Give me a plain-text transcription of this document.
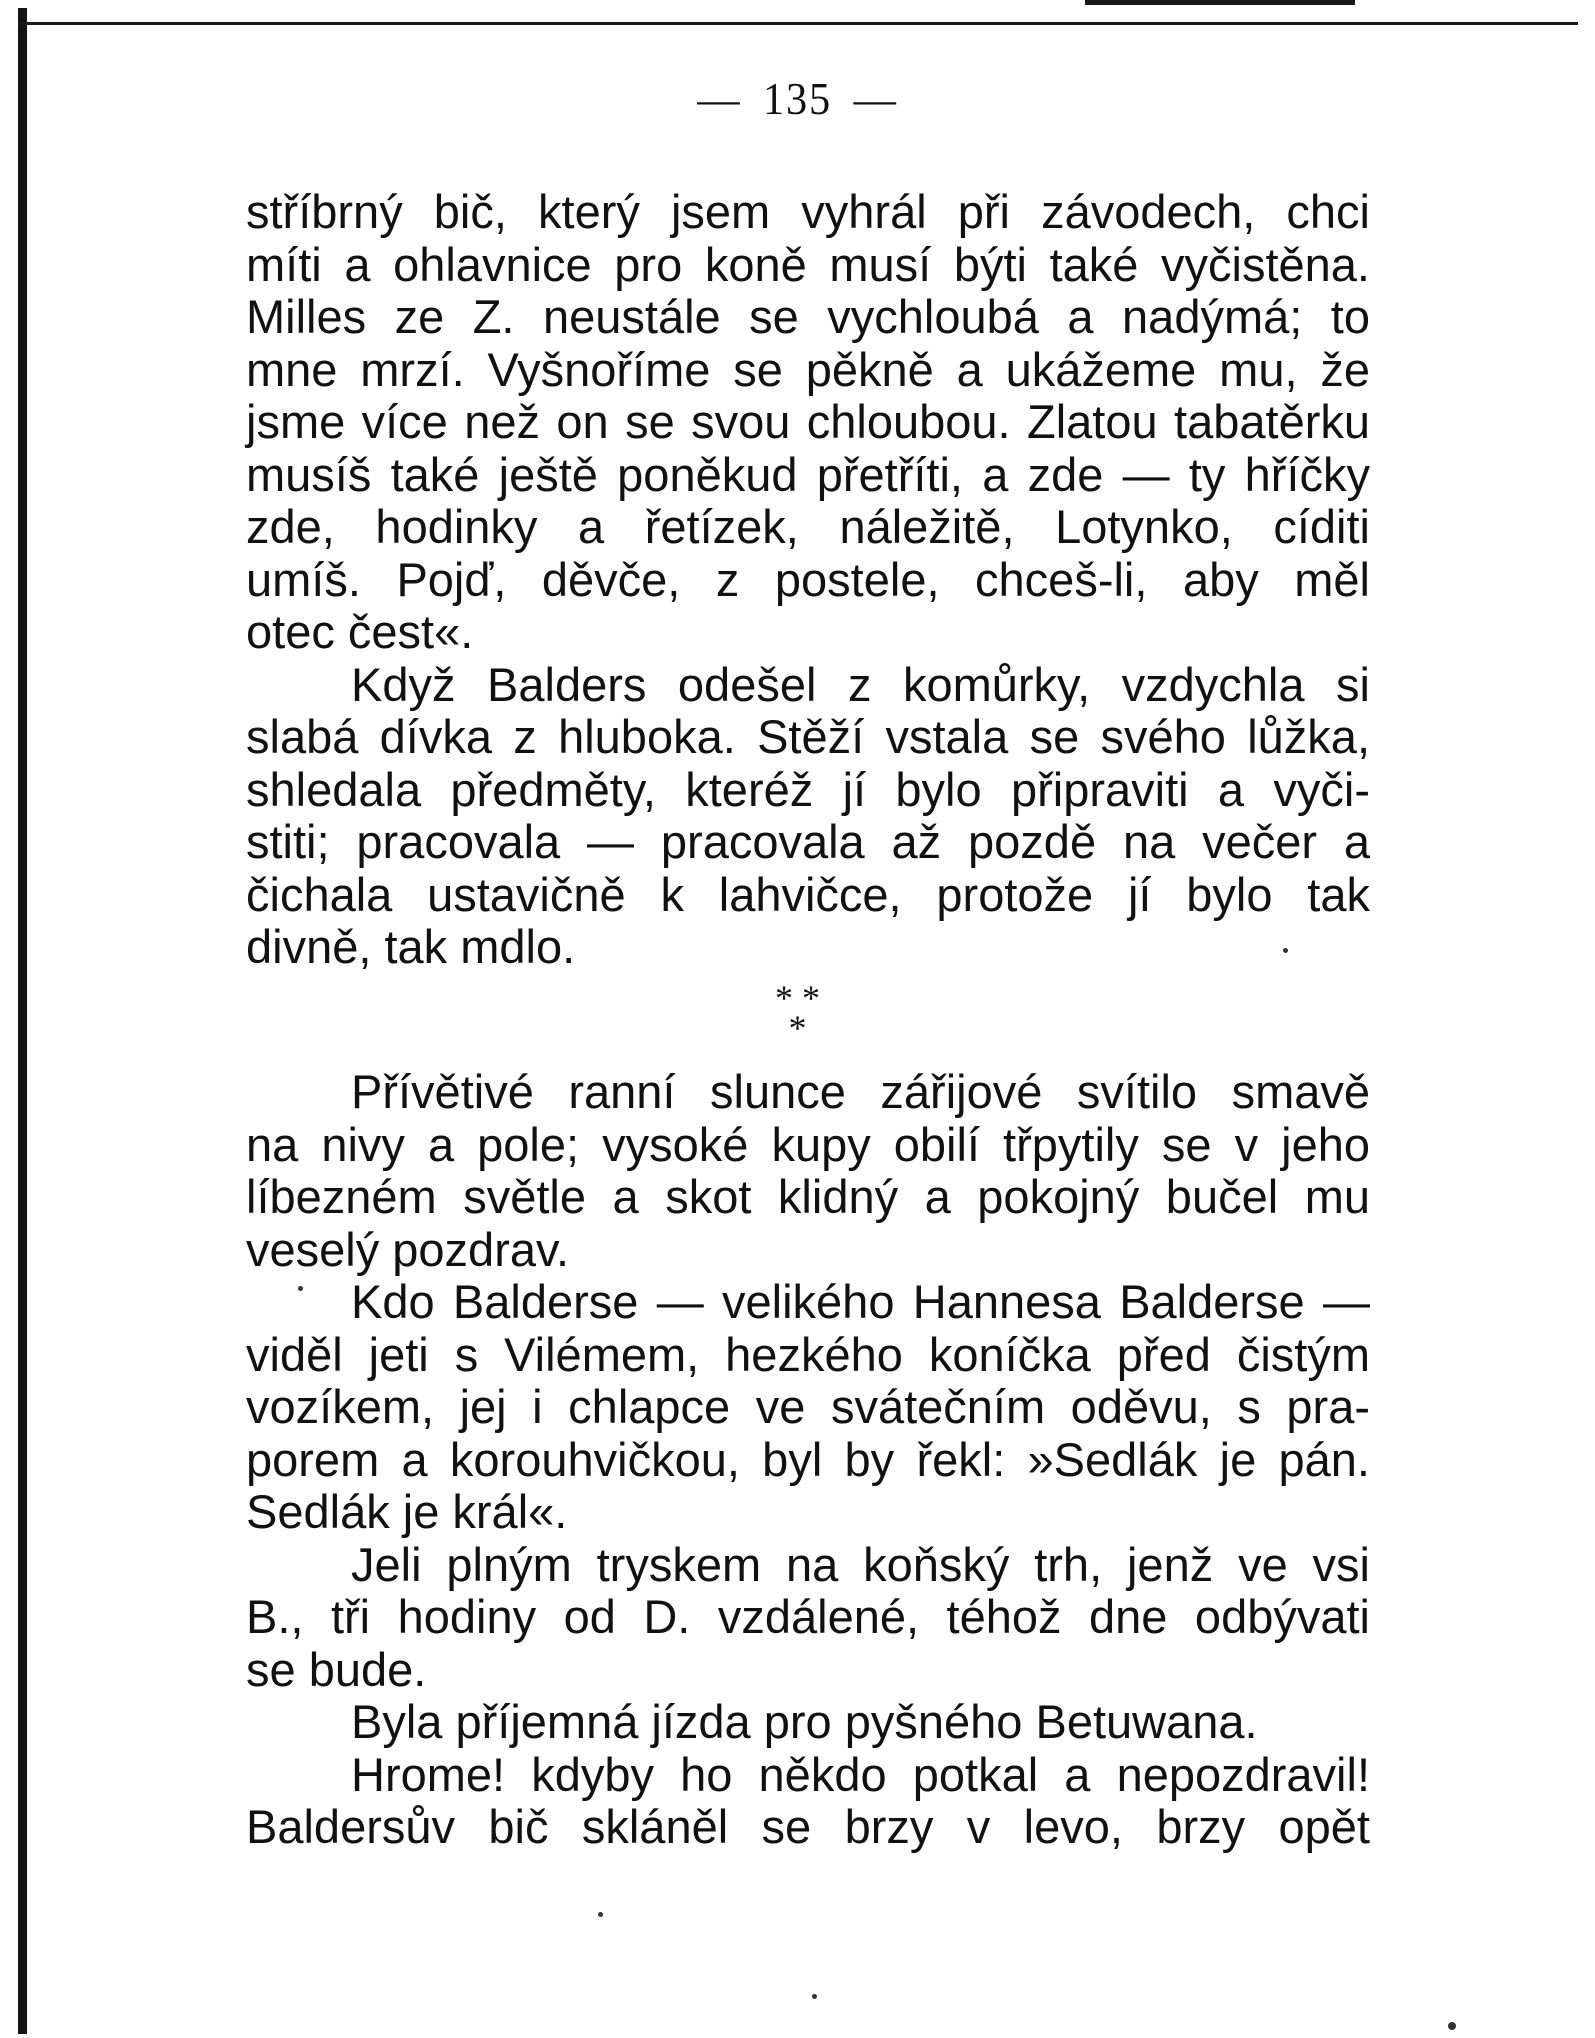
— 135 —
stříbrný bič, který jsem vyhrál při závodech, chci
míti a ohlavnice pro koně musí býti také vyčistěna.
Milles ze Z. neustále se vychloubá a nadýmá; to
mne mrzí. Vyšnoříme se pěkně a ukážeme mu, že
jsme více než on se svou chloubou. Zlatou tabatěrku
musíš také ještě poněkud přetříti, a zde — ty hříčky
zde, hodinky a řetízek, náležitě, Lotynko, cíditi
umíš. Pojď, děvče, z postele, chceš-li, aby měl
otec čest«.
Když Balders odešel z komůrky, vzdychla si
slabá dívka z hluboka. Stěží vstala se svého lůžka,
shledala předměty, kteréž jí bylo připraviti a vyči-
stiti; pracovala — pracovala až pozdě na večer a
čichala ustavičně k lahvičce, protože jí bylo tak
divně, tak mdlo.
* *
*
Přívětivé ranní slunce zářijové svítilo smavě
na nivy a pole; vysoké kupy obilí třpytily se v jeho
líbezném světle a skot klidný a pokojný bučel mu
veselý pozdrav.
Kdo Balderse — velikého Hannesa Balderse —
viděl jeti s Vilémem, hezkého koníčka před čistým
vozíkem, jej i chlapce ve svátečním oděvu, s pra-
porem a korouhvičkou, byl by řekl: »Sedlák je pán.
Sedlák je král«.
Jeli plným tryskem na koňský trh, jenž ve vsi
B., tři hodiny od D. vzdálené, téhož dne odbývati
se bude.
Byla příjemná jízda pro pyšného Betuwana.
Hrome! kdyby ho někdo potkal a nepozdravil!
Baldersův bič skláněl se brzy v levo, brzy opět
